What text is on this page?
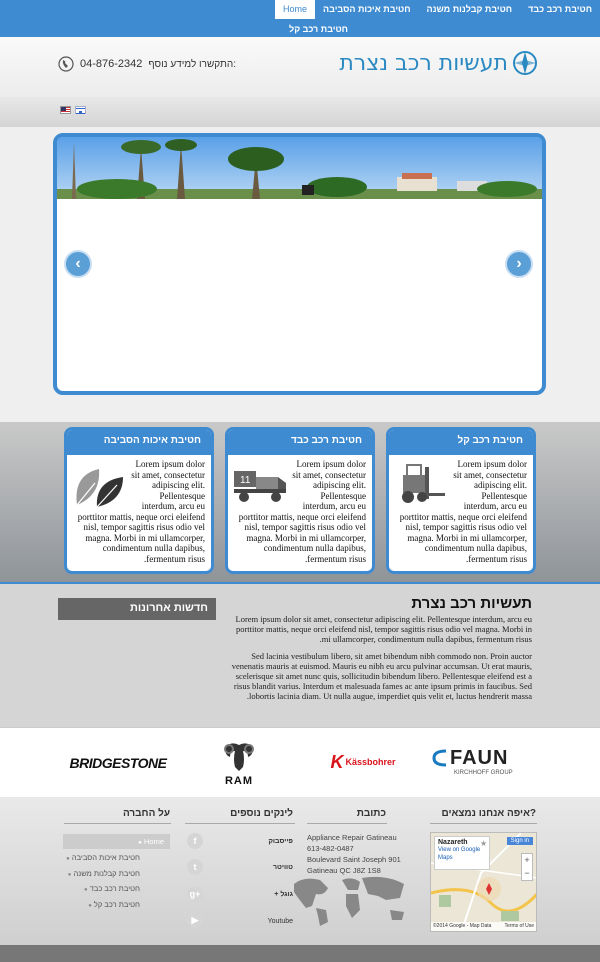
חטיבת רכב כבד
חטיבת קבלנות משנה
חטיבת איכות הסביבה
Home
חטיבת רכב קל
תעשיות רכב נצרת
04-876-2342 התקשרו למידע נוסף:
‹	›
חטיבת רכב קל
Lorem ipsum dolor sit amet, consectetur adipiscing elit. Pellentesque interdum, arcu eu porttitor mattis, neque orci eleifend nisl, tempor sagittis risus odio vel magna. Morbi in mi ullamcorper, condimentum nulla dapibus, fermentum risus.
חטיבת רכב כבד
11
Lorem ipsum dolor sit amet, consectetur adipiscing elit. Pellentesque interdum, arcu eu porttitor mattis, neque orci eleifend nisl, tempor sagittis risus odio vel magna. Morbi in mi ullamcorper, condimentum nulla dapibus, fermentum risus.
חטיבת איכות הסביבה
Lorem ipsum dolor sit amet, consectetur adipiscing elit. Pellentesque interdum, arcu eu porttitor mattis, neque orci eleifend nisl, tempor sagittis risus odio vel magna. Morbi in mi ullamcorper, condimentum nulla dapibus, fermentum risus.
חדשות אחרונות	תעשיות רכב נצרת
Lorem ipsum dolor sit amet, consectetur adipiscing elit. Pellentesque interdum, arcu eu porttitor mattis, neque orci eleifend nisl, tempor sagittis risus odio vel magna. Morbi in mi ullamcorper, condimentum nulla dapibus, fermentum risus.
Sed lacinia vestibulum libero, sit amet bibendum nibh commodo non. Proin auctor venenatis mauris at euismod. Mauris eu nibh eu arcu pulvinar accumsan. Ut erat mauris, scelerisque sit amet nunc quis, sollicitudin bibendum libero. Pellentesque eleifend est a risus blandit varius. Interdum et malesuada fames ac ante ipsum primis in faucibus. Sed lobortis lacinia diam. Ut nulla augue, imperdiet quis velit et, luctus hendrerit massa.
FAUN
KIRCHHOFF GROUP
K Kässbohrer
RAM
BRIDGESTONE
איפה אנחנו נמצאים?
כתובת
לינקים נוספים
על החברה
Nazareth
View on Google Maps
★	Sign in
+
−
©2014 Google - Map Data	Terms of Use
Appliance Repair Gatineau
613-482-0487
Boulevard Saint Joseph 901
Gatineau QC J8Z 1S8
f	פייסבוק
t	טוויטר
g+	+ גוגל
▶	Youtube
● Home
● חטיבת איכות הסביבה
● חטיבת קבלנות משנה
● חטיבת רכב כבד
● חטיבת רכב קל
